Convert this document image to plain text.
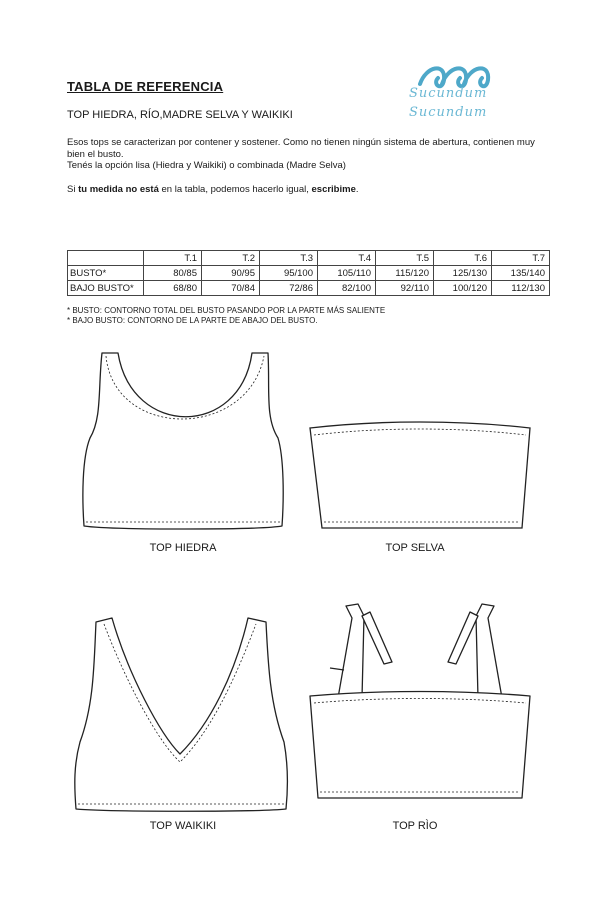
Sucundum
Sucundum
TABLA DE REFERENCIA
TOP HIEDRA, RÍO,MADRE SELVA Y WAIKIKI
Esos tops se caracterizan por contener y sostener. Como no tienen ningún sistema de abertura, contienen muy bien el busto.
Tenés la opción lisa (Hiedra y Waikiki) o combinada (Madre Selva)
Si tu medida no está en la tabla, podemos hacerlo igual, escribime.
	T.1	T.2	T.3	T.4	T.5	T.6	T.7
BUSTO*	80/85	90/95	95/100	105/110	115/120	125/130	135/140
BAJO BUSTO*	68/80	70/84	72/86	82/100	92/110	100/120	112/130
* BUSTO: CONTORNO TOTAL DEL BUSTO PASANDO POR LA PARTE MÁS SALIENTE
* BAJO BUSTO: CONTORNO DE LA PARTE DE ABAJO DEL BUSTO.
TOP HIEDRA	TOP SELVA
TOP WAIKIKI	TOP RÌO
